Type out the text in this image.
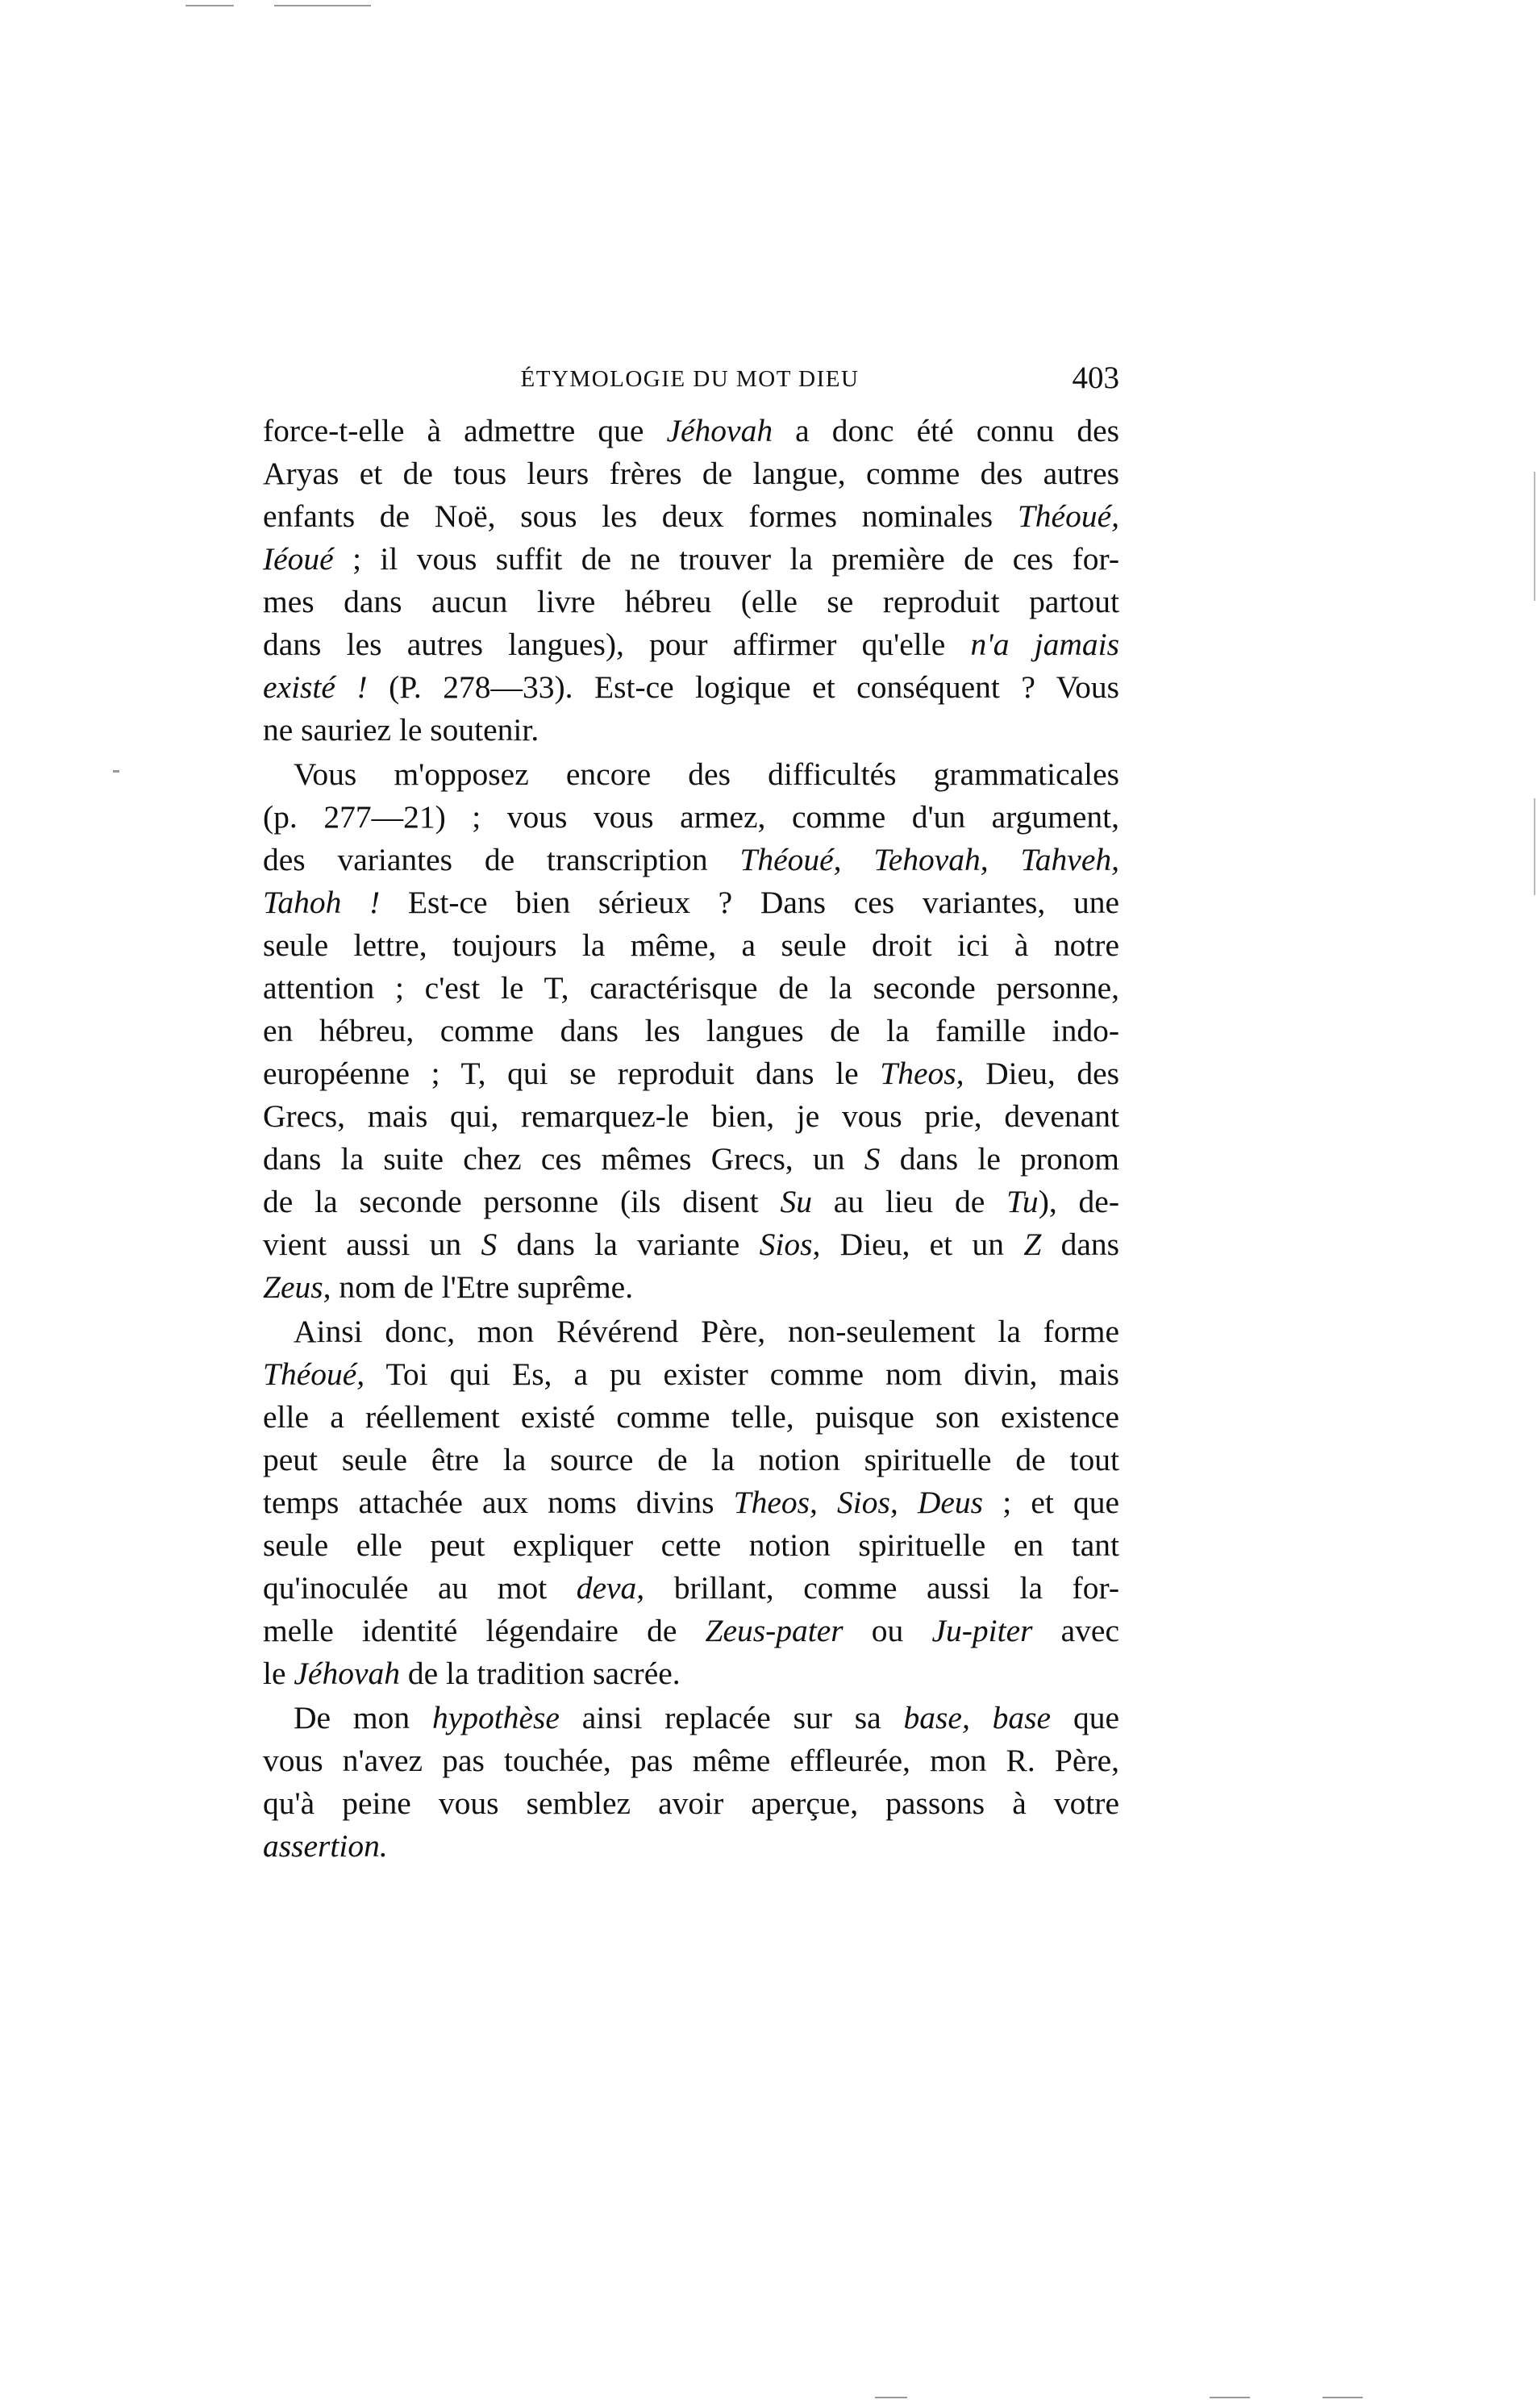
ÉTYMOLOGIE DU MOT DIEU	403
force-t-elle à admettre que Jéhovah a donc été connu des
Aryas et de tous leurs frères de langue, comme des autres
enfants de Noë, sous les deux formes nominales Théoué,
Iéoué ; il vous suffit de ne trouver la première de ces for-
mes dans aucun livre hébreu (elle se reproduit partout
dans les autres langues), pour affirmer qu'elle n'a jamais
existé ! (P. 278—33). Est-ce logique et conséquent ? Vous
ne sauriez le soutenir.
Vous m'opposez encore des difficultés grammaticales
(p. 277—21) ; vous vous armez, comme d'un argument,
des variantes de transcription Théoué, Tehovah, Tahveh,
Tahoh ! Est-ce bien sérieux ? Dans ces variantes, une
seule lettre, toujours la même, a seule droit ici à notre
attention ; c'est le T, caractérisque de la seconde personne,
en hébreu, comme dans les langues de la famille indo-
européenne ; T, qui se reproduit dans le Theos, Dieu, des
Grecs, mais qui, remarquez-le bien, je vous prie, devenant
dans la suite chez ces mêmes Grecs, un S dans le pronom
de la seconde personne (ils disent Su au lieu de Tu), de-
vient aussi un S dans la variante Sios, Dieu, et un Z dans
Zeus, nom de l'Etre suprême.
Ainsi donc, mon Révérend Père, non-seulement la forme
Théoué, Toi qui Es, a pu exister comme nom divin, mais
elle a réellement existé comme telle, puisque son existence
peut seule être la source de la notion spirituelle de tout
temps attachée aux noms divins Theos, Sios, Deus ; et que
seule elle peut expliquer cette notion spirituelle en tant
qu'inoculée au mot deva, brillant, comme aussi la for-
melle identité légendaire de Zeus-pater ou Ju-piter avec
le Jéhovah de la tradition sacrée.
De mon hypothèse ainsi replacée sur sa base, base que
vous n'avez pas touchée, pas même effleurée, mon R. Père,
qu'à peine vous semblez avoir aperçue, passons à votre
assertion.
